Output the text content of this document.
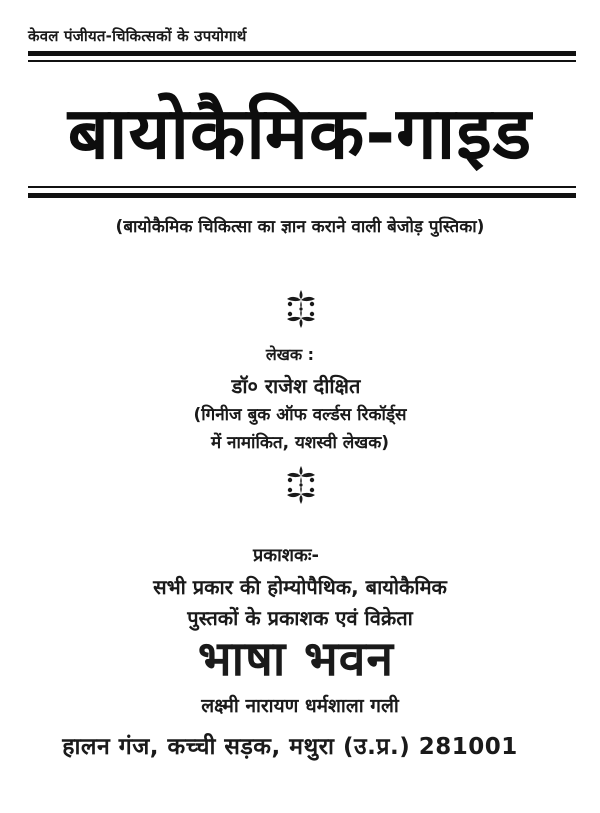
केवल पंजीयत-चिकित्सकों के उपयोगार्थ
बायोकैमिक-गाइड
(बायोकैमिक चिकित्सा का ज्ञान कराने वाली बेजोड़ पुस्तिका)
लेखक :
डॉ० राजेश दीक्षित
(गिनीज बुक ऑफ वर्ल्डस रिकॉर्ड्स
में नामांकित, यशस्वी लेखक)
प्रकाशकः-
सभी प्रकार की होम्योपैथिक, बायोकैमिक
पुस्तकों के प्रकाशक एवं विक्रेता
भाषा भवन
लक्ष्मी नारायण धर्मशाला गली
हालन गंज, कच्ची सड़क, मथुरा (उ.प्र.) 281001
